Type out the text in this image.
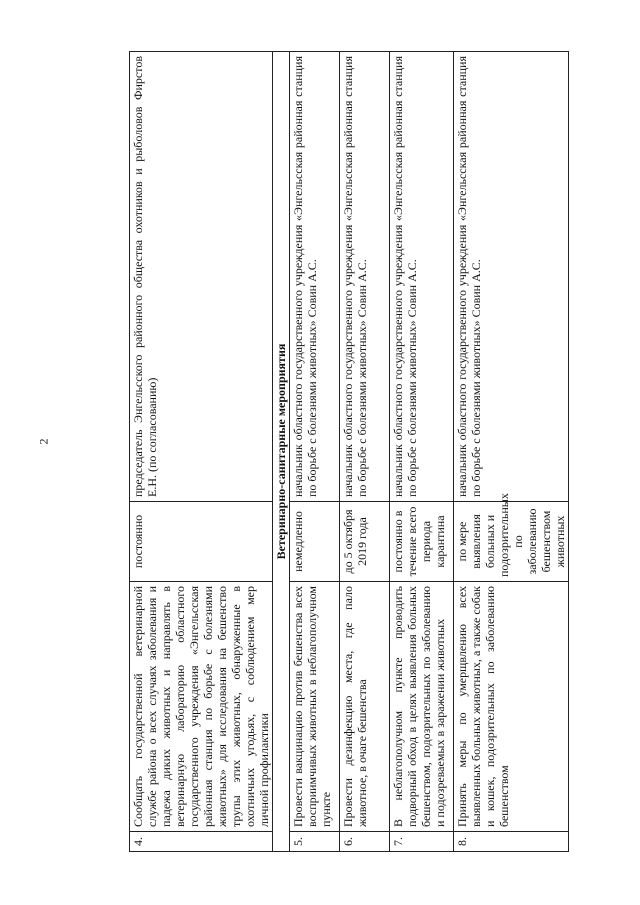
2
4.	Сообщать государственной ветеринарной службе района о всех случаях заболевания и падежа диких животных и направлять в ветеринарную лабораторию областного государственного учреждения «Энгельсская районная станция по борьбе с болезнями животных» для исследования на бешенство трупы этих животных, обнаруженные в охотничьих угодьях, с соблюдением мер личной профилактики	постоянно	председатель Энгельсского районного общества охотников и рыболовов Фирстов Е.Н. (по согласованию)
Ветеринарно-санитарные мероприятия			
5.	Провести вакцинацию против бешенства всех восприимчивых животных в неблагополучном пункте	немедленно	начальник областного государственного учреждения «Энгельсская районная станция по борьбе с болезнями животных» Совин А.С.
6.	Провести дезинфекцию места, где пало животное, в очаге бешенства	до 5 октября 2019 года	начальник областного государственного учреждения «Энгельсская районная станция по борьбе с болезнями животных» Совин А.С.
7.	В неблагополучном пункте проводить подворный обход в целях выявления больных бешенством, подозрительных по заболеванию и подозреваемых в заражении животных	постоянно в течение всего периода карантина	начальник областного государственного учреждения «Энгельсская районная станция по борьбе с болезнями животных» Совин А.С.
8.	Принять меры по умерщвлению всех выявленных больных животных, а также собак и кошек, подозрительных по заболеванию бешенством	по мере выявления больных и подозрительных по заболеванию бешенством животных	начальник областного государственного учреждения «Энгельсская районная станция по борьбе с болезнями животных» Совин А.С.
